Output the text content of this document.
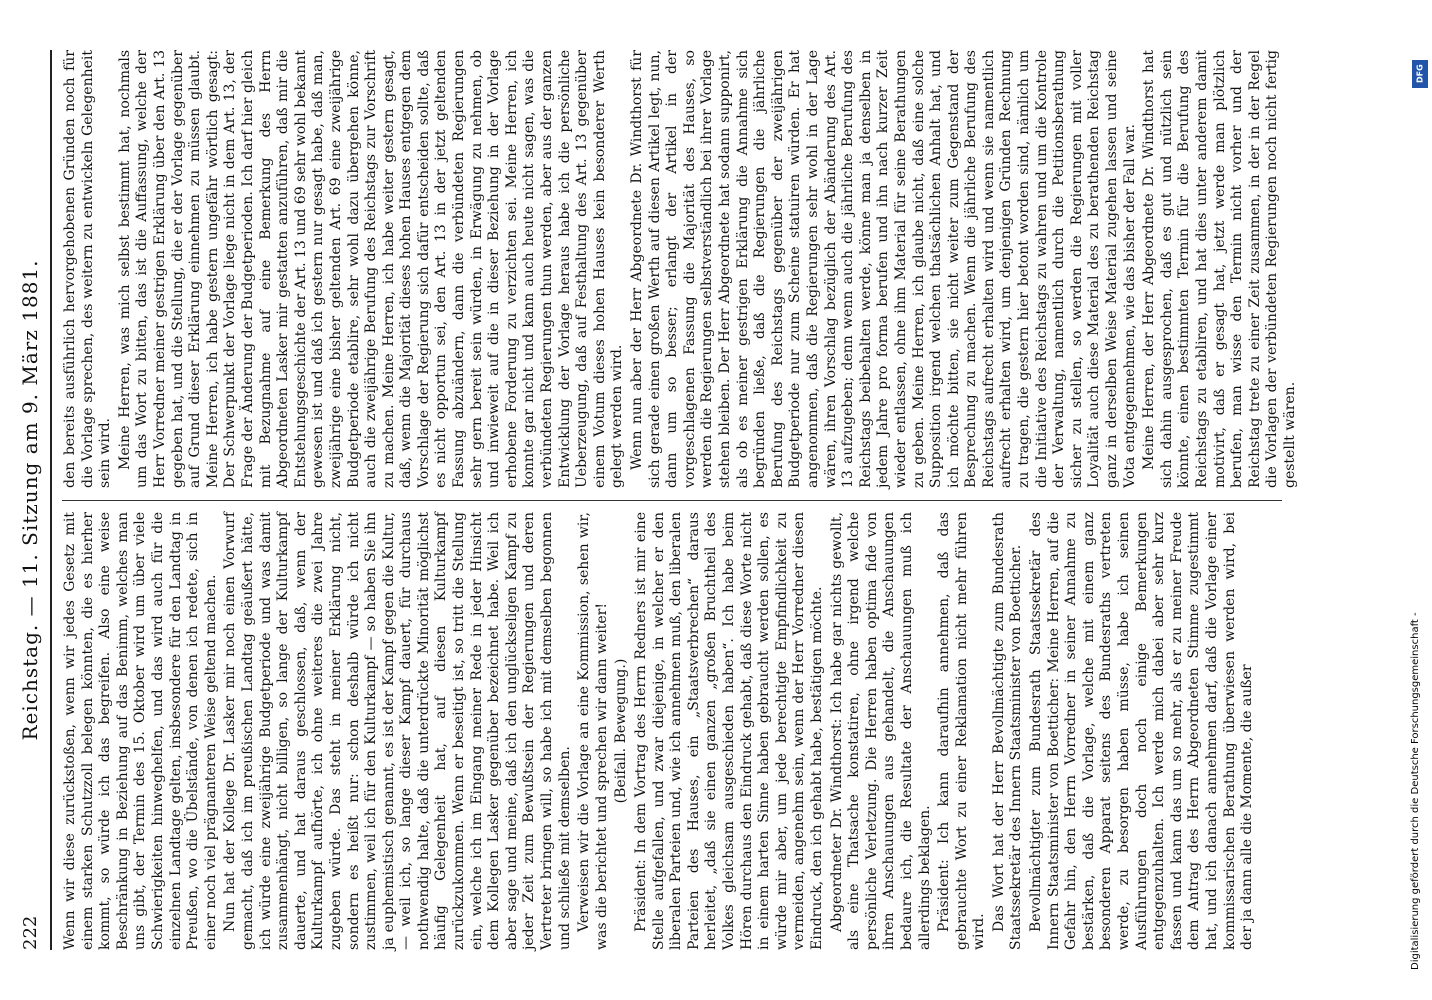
222
Reichstag. — 11. Sitzung am 9. März 1881. Wenn wir diese zurückstoßen, wenn wir jedes Gesetz mit einem starken Schutzzoll belegen könnten, die es hierher kommt, so würde ich das begreifen. Also eine weise Beschränkung in Beziehung auf das Benimm, welches man uns gibt, der Termin des 15. Oktober wird um über viele Schwierigkeiten hinweghelfen, und das wird auch für die einzelnen Landtage gelten, insbesondere für den Landtag in Preußen, wo die Übelstände, von denen ich redete, sich in einer noch viel prägnanteren Weise geltend machen. Nun hat der Kollege Dr. Lasker mir noch einen Vorwurf gemacht, daß ich im preußischen Landtag geäußert hätte, ich würde eine zweijährige Budgetperiode und was damit zusammenhängt, nicht billigen, so lange der Kulturkampf dauerte, und hat daraus geschlossen, daß, wenn der Kulturkampf aufhörte, ich ohne weiteres die zwei Jahre zugeben würde. Das steht in meiner Erklärung nicht, sondern es heißt nur: schon deshalb würde ich nicht zustimmen, weil ich für den Kulturkampf — so haben Sie ihn ja euphemistisch genannt, es ist der Kampf gegen die Kultur, — weil ich, so lange dieser Kampf dauert, für durchaus nothwendig halte, daß die unterdrückte Minorität möglichst häufig Gelegenheit hat, auf diesen Kulturkampf zurückzukommen. Wenn er beseitigt ist, so tritt die Stellung ein, welche ich im Eingang meiner Rede in jeder Hinsicht dem Kollegen Lasker gegenüber bezeichnet habe. Weil ich aber sage und meine, daß ich den unglückseligen Kampf zu jeder Zeit zum Bewußtsein der Regierungen und deren Vertreter bringen will, so habe ich mit demselben begonnen und schließe mit demselben. Verweisen wir die Vorlage an eine Kommission, sehen wir, was die berichtet und sprechen wir dann weiter! (Beifall. Bewegung.) Präsident: In dem Vortrag des Herrn Redners ist mir eine Stelle aufgefallen, und zwar diejenige, in welcher er den liberalen Parteien und, wie ich annehmen muß, den liberalen Parteien des Hauses, ein „Staatsverbrechen“ daraus herleitet, „daß sie einen ganzen „großen Bruchtheil des Volkes gleichsam ausgeschieden haben“. Ich habe beim Hören durchaus den Eindruck gehabt, daß diese Worte nicht in einem harten Sinne haben gebraucht werden sollen, es würde mir aber, um jede berechtigte Empfindlichkeit zu vermeiden, angenehm sein, wenn der Herr Vorredner diesen Eindruck, den ich gehabt habe, bestätigen möchte. Abgeordneter Dr. Windthorst: Ich habe gar nichts gewollt, als eine Thatsache konstatiren, ohne irgend welche persönliche Verletzung. Die Herren haben optima fide von ihren Anschauungen aus gehandelt, die Anschauungen bedaure ich, die Resultate der Anschauungen muß ich allerdings beklagen. Präsident: Ich kann daraufhin annehmen, daß das gebrauchte Wort zu einer Reklamation nicht mehr führen wird. Das Wort hat der Herr Bevollmächtigte zum Bundesrath Staatssekretär des Innern Staatsminister von Boetticher. Bevollmächtigter zum Bundesrath Staatssekretär des Innern Staatsminister von Boetticher: Meine Herren, auf die Gefahr hin, den Herrn Vorredner in seiner Annahme zu bestärken, daß die Vorlage, welche mit einem ganz besonderen Apparat seitens des Bundesraths vertreten werde, zu besorgen haben müsse, habe ich seinen Ausführungen doch noch einige Bemerkungen entgegenzuhalten. Ich werde mich dabei aber sehr kurz fassen und kann das um so mehr, als er zu meiner Freude dem Antrag des Herrn Abgeordneten Stimme zugestimmt hat, und ich danach annehmen darf, daß die Vorlage einer kommissarischen Berathung überwiesen werden wird, bei der ja dann alle die Momente, die außer

den bereits ausführlich hervorgehobenen Gründen noch für die Vorlage sprechen, des weitern zu entwickeln Gelegenheit sein wird. Meine Herren, was mich selbst bestimmt hat, nochmals um das Wort zu bitten, das ist die Auffassung, welche der Herr Vorredner meiner gestrigen Erklärung über den Art. 13 gegeben hat, und die Stellung, die er der Vorlage gegenüber auf Grund dieser Erklärung einnehmen zu müssen glaubt. Meine Herren, ich habe gestern ungefähr wörtlich gesagt: Der Schwerpunkt der Vorlage liege nicht in dem Art. 13, der Frage der Änderung der Budgetperioden. Ich darf hier gleich mit Bezugnahme auf eine Bemerkung des Herrn Abgeordneten Lasker mir gestatten anzuführen, daß mir die Entstehungsgeschichte der Art. 13 und 69 sehr wohl bekannt gewesen ist und daß ich gestern nur gesagt habe, daß man, zweijährige eine bisher geltenden Art. 69 eine zweijährige Budgetperiode etablire, sehr wohl dazu übergehen könne, auch die zweijährige Berufung des Reichstags zur Vorschrift zu machen. Meine Herren, ich habe weiter gestern gesagt, daß, wenn die Majorität dieses hohen Hauses entgegen dem Vorschlage der Regierung sich dafür entscheiden sollte, daß es nicht opportun sei, den Art. 13 in der jetzt geltenden Fassung abzuändern, dann die verbündeten Regierungen sehr gern bereit sein würden, in Erwägung zu nehmen, ob und inwieweit auf die in dieser Beziehung in der Vorlage erhobene Forderung zu verzichten sei. Meine Herren, ich konnte gar nicht und kann auch heute nicht sagen, was die verbündeten Regierungen thun werden, aber aus der ganzen Entwicklung der Vorlage heraus habe ich die persönliche Ueberzeugung, daß auf Festhaltung des Art. 13 gegenüber einem Votum dieses hohen Hauses kein besonderer Werth gelegt werden wird. Wenn nun aber der Herr Abgeordnete Dr. Windthorst für sich gerade einen großen Werth auf diesen Artikel legt, nun, dann um so besser; erlangt der Artikel in der vorgeschlagenen Fassung die Majorität des Hauses, so werden die Regierungen selbstverständlich bei ihrer Vorlage stehen bleiben. Der Herr Abgeordnete hat sodann supponirt, als ob es meiner gestrigen Erklärung die Annahme sich begründen ließe, daß die Regierungen die jährliche Berufung des Reichstags gegenüber der zweijährigen Budgetperiode nur zum Scheine statuiren würden. Er hat angenommen, daß die Regierungen sehr wohl in der Lage wären, ihren Vorschlag bezüglich der Abänderung des Art. 13 aufzugeben; denn wenn auch die jährliche Berufung des Reichstags beibehalten werde, könne man ja denselben in jedem Jahre pro forma berufen und ihn nach kurzer Zeit wieder entlassen, ohne ihm Material für seine Berathungen zu geben. Meine Herren, ich glaube nicht, daß eine solche Supposition irgend welchen thatsächlichen Anhalt hat, und ich möchte bitten, sie nicht weiter zum Gegenstand der Besprechung zu machen. Wenn die jährliche Berufung des Reichstags aufrecht erhalten wird und wenn sie namentlich aufrecht erhalten wird, um denjenigen Gründen Rechnung zu tragen, die gestern hier betont worden sind, nämlich um die Initiative des Reichstags zu wahren und um die Kontrole der Verwaltung, namentlich durch die Petitionsberathung sicher zu stellen, so werden die Regierungen mit voller Loyalität auch diese Material des zu berathenden Reichstag ganz in derselben Weise Material zugehen lassen und seine Vota entgegennehmen, wie das bisher der Fall war. Meine Herren, der Herr Abgeordnete Dr. Windthorst hat sich dahin ausgesprochen, daß es gut und nützlich sein könnte, einen bestimmten Termin für die Berufung des Reichstags zu etabliren, und hat dies unter anderem damit motivirt, daß er gesagt hat, jetzt werde man plötzlich berufen, man wisse den Termin nicht vorher und der Reichstag trete zu einer Zeit zusammen, in der in der Regel die Vorlagen der verbündeten Regierungen noch nicht fertig gestellt wären.

DFG
Digitalisierung gefördert durch die Deutsche Forschungsgemeinschaft -
